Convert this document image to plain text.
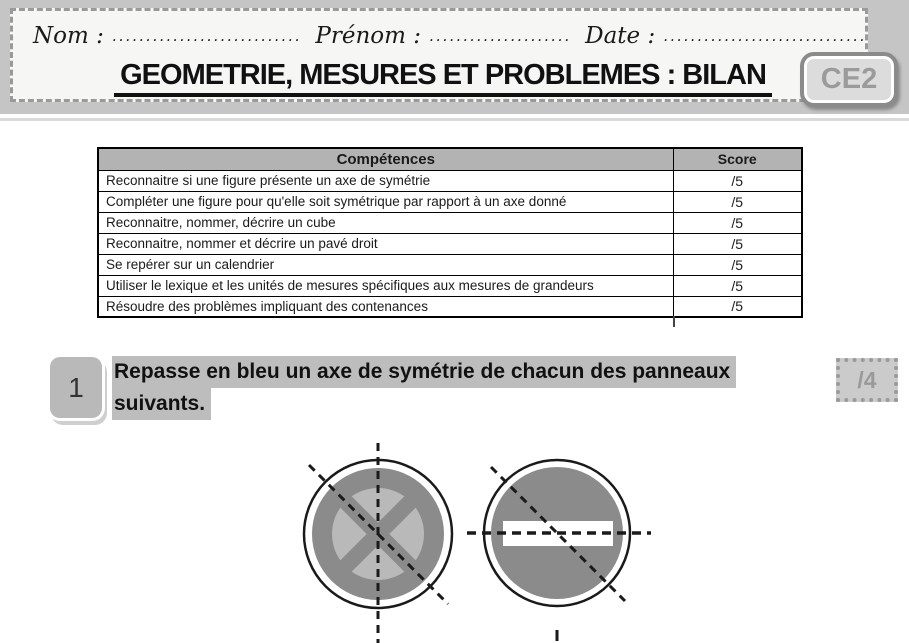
Nom : ............................ Prénom : ..................... Date : ..............................
GEOMETRIE, MESURES ET PROBLEMES : BILAN	CE2
Compétences	Score
Reconnaitre si une figure présente un axe de symétrie	/5
Compléter une figure pour qu'elle soit symétrique par rapport à un axe donné	/5
Reconnaitre, nommer, décrire un cube	/5
Reconnaitre, nommer et décrire un pavé droit	/5
Se repérer sur un calendrier	/5
Utiliser le lexique et les unités de mesures spécifiques aux mesures de grandeurs	/5
Résoudre des problèmes impliquant des contenances	/5
1	Repasse en bleu un axe de symétrie de chacun des panneaux
suivants.
/4
